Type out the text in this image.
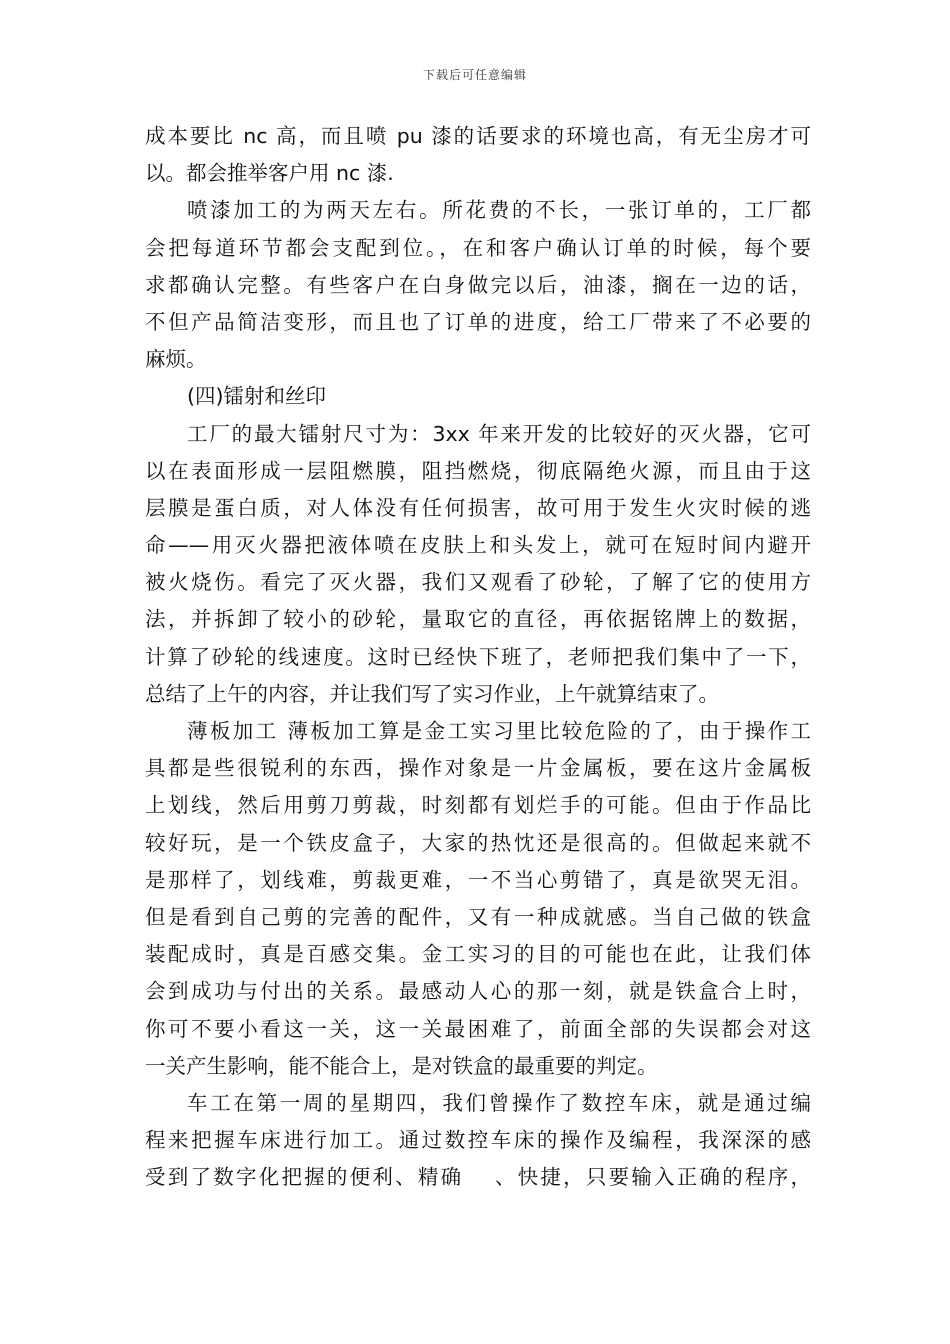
下载后可任意编辑
成本要比 nc 高，而且喷 pu 漆的话要求的环境也高，有无尘房才可
以。都会推举客户用 nc 漆.
喷漆加工的为两天左右。所花费的不长，一张订单的，工厂都
会把每道环节都会支配到位。，在和客户确认订单的时候，每个要
求都确认完整。有些客户在白身做完以后，油漆，搁在一边的话，
不但产品简洁变形，而且也了订单的进度，给工厂带来了不必要的
麻烦。
(四)镭射和丝印
工厂的最大镭射尺寸为：3xx 年来开发的比较好的灭火器，它可
以在表面形成一层阻燃膜，阻挡燃烧，彻底隔绝火源，而且由于这
层膜是蛋白质，对人体没有任何损害，故可用于发生火灾时候的逃
命——用灭火器把液体喷在皮肤上和头发上，就可在短时间内避开
被火烧伤。看完了灭火器，我们又观看了砂轮，了解了它的使用方
法，并拆卸了较小的砂轮，量取它的直径，再依据铭牌上的数据，
计算了砂轮的线速度。这时已经快下班了，老师把我们集中了一下，
总结了上午的内容，并让我们写了实习作业，上午就算结束了。
薄板加工 薄板加工算是金工实习里比较危险的了，由于操作工
具都是些很锐利的东西，操作对象是一片金属板，要在这片金属板
上划线，然后用剪刀剪裁，时刻都有划烂手的可能。但由于作品比
较好玩，是一个铁皮盒子，大家的热忱还是很高的。但做起来就不
是那样了，划线难，剪裁更难，一不当心剪错了，真是欲哭无泪。
但是看到自己剪的完善的配件，又有一种成就感。当自己做的铁盒
装配成时，真是百感交集。金工实习的目的可能也在此，让我们体
会到成功与付出的关系。最感动人心的那一刻，就是铁盒合上时，
你可不要小看这一关，这一关最困难了，前面全部的失误都会对这
一关产生影响，能不能合上，是对铁盒的最重要的判定。
车工在第一周的星期四，我们曾操作了数控车床，就是通过编
程来把握车床进行加工。通过数控车床的操作及编程，我深深的感
受到了数字化把握的便利、精确　 、快捷，只要输入正确的程序，
